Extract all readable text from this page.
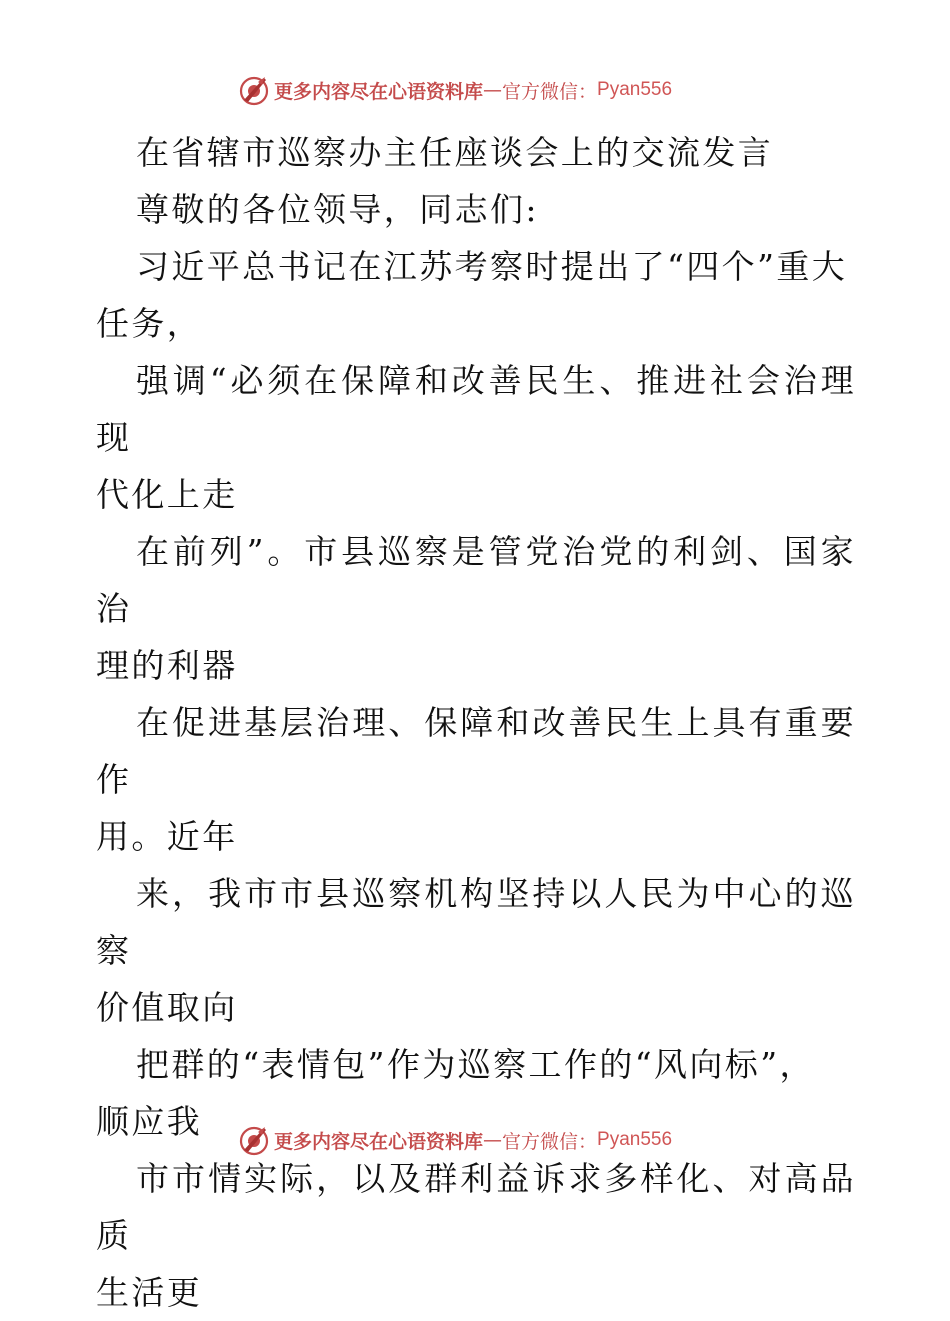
更多内容尽在心语资料库 — 官方微信： Pyan556

在省辖市巡察办主任座谈会上的交流发言

尊敬的各位领导，同志们:

习近平总书记在江苏考察时提出了“四个”重大
任务，

强调“必须在保障和改善民生、推进社会治理现
代化上走

在前列”。市县巡察是管党治党的利剑、国家治
理的利器

在促进基层治理、保障和改善民生上具有重要作
用。近年

来，我市市县巡察机构坚持以人民为中心的巡察
价值取向

把群的“表情包”作为巡察工作的“风向标”，
顺应我

市市情实际，以及群利益诉求多样化、对高品质
生活更

更多内容尽在心语资料库 — 官方微信： Pyan556
